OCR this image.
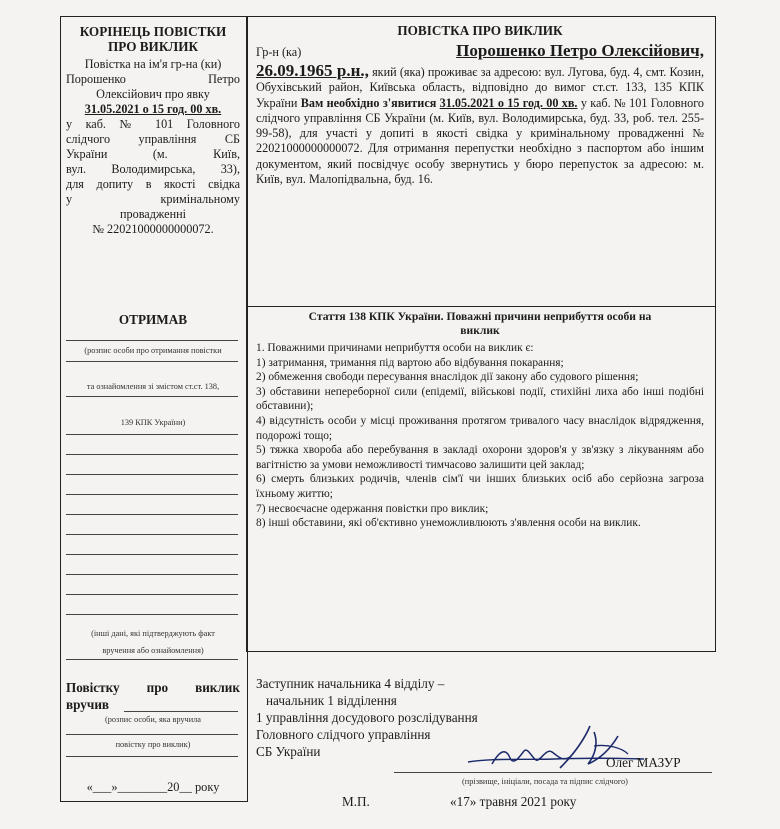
КОРІНЕЦЬ ПОВІСТКИ
ПРО ВИКЛИК
Повістка на ім'я гр-на (ки)
Порошенко Петро
Олексійович про явку
31.05.2021 о 15 год. 00 хв.
у каб. № 101 Головного
слідчого управління СБ
України (м. Київ,
вул. Володимирська, 33),
для допиту в якості свідка
у кримінальному
провадженні
№ 22021000000000072.
ОТРИМАВ
(розпис особи про отримання повістки
та ознайомлення зі змістом ст.ст. 138,
139 КПК України)
(інші дані, які підтверджують факт
вручення або ознайомлення)
Повістку про виклик
вручив
(розпис особи, яка вручила
повістку про виклик)
«___»________20__ року
ПОВІСТКА ПРО ВИКЛИК
Гр-н (ка)	Порошенко Петро Олексійович,
26.09.1965 р.н., який (яка) проживає за адресою: вул. Лугова, буд. 4, смт. Козин, Обухівський район, Київська область, відповідно до вимог ст.ст. 133, 135 КПК України Вам необхідно з'явитися 31.05.2021 о 15 год. 00 хв. у каб. № 101 Головного слідчого управління СБ України (м. Київ, вул. Володимирська, буд. 33, роб. тел. 255-99-58), для участі у допиті в якості свідка у кримінальному провадженні № 22021000000000072. Для отримання перепустки необхідно з паспортом або іншим документом, який посвідчує особу звернутись у бюро перепусток за адресою: м. Київ, вул. Малопідвальна, буд. 16.
Стаття 138 КПК України. Поважні причини неприбуття особи на
виклик
1. Поважними причинами неприбуття особи на виклик є:
1) затримання, тримання під вартою або відбування покарання;
2) обмеження свободи пересування внаслідок дії закону або судового рішення;
3) обставини непереборної сили (епідемії, військові події, стихійні лиха або інші подібні обставини);
4) відсутність особи у місці проживання протягом тривалого часу внаслідок відрядження, подорожі тощо;
5) тяжка хвороба або перебування в закладі охорони здоров'я у зв'язку з лікуванням або вагітністю за умови неможливості тимчасово залишити цей заклад;
6) смерть близьких родичів, членів сім'ї чи інших близьких осіб або серйозна загроза їхньому життю;
7) несвоєчасне одержання повістки про виклик;
8) інші обставини, які об'єктивно унеможливлюють з'явлення особи на виклик.
Заступник начальника 4 відділу –
начальник 1 відділення
1 управління досудового розслідування
Головного слідчого управління
СБ України
Олег МАЗУР
(прізвище, ініціали, посада та підпис слідчого)
М.П.	«17» травня 2021 року
